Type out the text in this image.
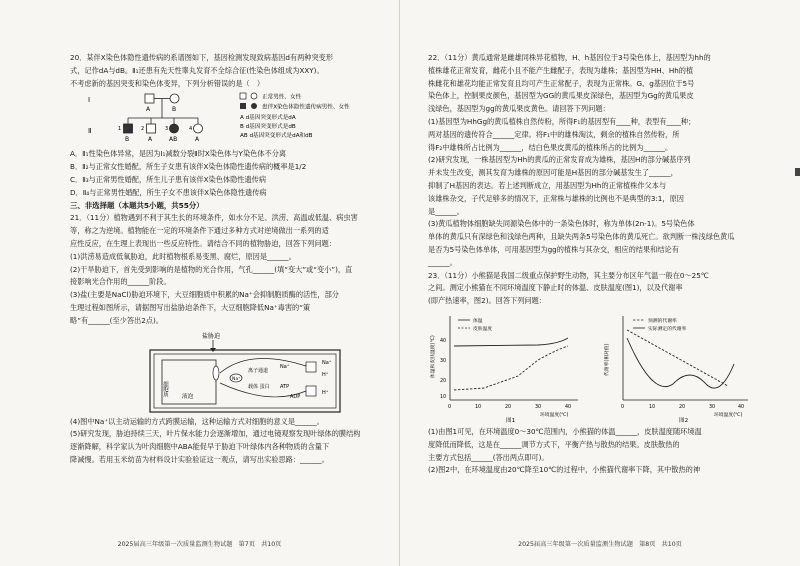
20．某伴X染色体隐性遗传病的系谱图如下，基因检测发现致病基因d有两种突变形

式，记作dA与dB。Ⅱ₁还患有先天性睾丸发育不全综合征(性染色体组成为XXY)。

不考虑新的基因突变和染色体变异，下列分析错误的是（　）

Ⅰ
Ⅱ
A	B
B	A	AB	A
1	2	3	4
正常男性、女性
患伴X染色体隐性遗传病男性、女性
A d基因突变形式是dA
B d基因突变形式是dB
AB d基因突变形式是dA和dB

A．Ⅱ₁性染色体异常，是因为Ⅰ₁减数分裂Ⅱ时X染色体与Y染色体不分离

B．Ⅱ₂与正常女性婚配，所生子女患有该伴X染色体隐性遗传病的概率是1/2

C．Ⅱ₃与正常男性婚配，所生儿子患有该伴X染色体隐性遗传病

D．Ⅱ₄与正常男性婚配，所生子女不患该伴X染色体隐性遗传病

三、非选择题（本题共5小题，共55分）

21．（11分）植物遇到不利于其生长的环境条件，如水分不足、洪涝、高温或低温、病虫害

等，称之为逆境。植物能在一定的环境条件下通过多种方式对逆境做出一系列的适

应性反应，在生理上表现出一些反应特性。请结合不同的植物胁迫，回答下列问题：

(1)洪涝易造成低氧胁迫，此时植物根系易变黑、腐烂，原因是______。

(2)干旱胁迫下，首先受到影响的是植物的光合作用，气孔______(填“变大”或“变小”)，直

接影响光合作用的______阶段。

(3)盐(主要是NaCl)胁迫环境下，大豆细胞质中积累的Na⁺会抑制胞质酶的活性，部分

生理过程如图所示，请据图写出盐胁迫条件下，大豆细胞降低Na⁺毒害的“策

略”有______(至少答出2点)。

盐胁迫
细胞质	液泡
Na⁺
离子通道
载体 蛋白
Na⁺
ATP
ADP
Na⁺
H⁺
H⁺

(4)图中Na⁺以主动运输的方式跨膜运输，这种运输方式对细胞的意义是______。

(5)研究发现，胁迫持续三天，叶片保水能力会逐渐增加，通过电镜观察发现叶绿体的膜结构

逐渐降解，科学家认为叶肉细胞中ABA能促早于胁迫下叶绿体内各种物质的含量下

降减慢。若用玉米幼苗为材料设计实验验证这一观点，请写出实验思路：______。

2025届高三年级第一次质量监测生物试题　第7页　共10页

22．（11分）黄瓜通常是雌雄同株异花植物，H、h基因位于3号染色体上，基因型为hh的

植株雄花正常发育，雌花小且不能产生雌配子，表现为雄株；基因型为HH、Hh的植

株雌花和雄花均能正常发育且均可产生正常配子，表现为正常株。G、g基因位于5号

染色体上，控制果皮颜色，基因型为GG的黄瓜果皮深绿色，基因型为Gg的黄瓜果皮

浅绿色，基因型为gg的黄瓜果皮黄色。请回答下列问题：

(1)基因型为HhGg的黄瓜植株自然传粉，所得F₁的基因型有____种，表型有____种；

两对基因的遗传符合______定律。将F₁中的雄株淘汰，剩余的植株自然传粉，所

得F₂中雄株所占比例为______，结白色果皮黄瓜的植株所占的比例为______。

(2)研究发现，一株基因型为Hh的黄瓜的正常发育成为雄株，基因H的部分碱基序列

并未发生改变，测其发育为雄株的原因可能是H基因的部分碱基发生了______，

抑制了H基因的表达。若上述判断成立，用基因型为Hh的正常植株作父本与

该雄株杂交，子代足够多的情况下，正常株与雄株的比例也不是典型的3:1，原因

是______。

(3)黄瓜植物体细胞缺失同源染色体中的一条染色体时，称为单体(2n-1)。5号染色体

单体的黄瓜只有深绿色和浅绿色两种，且缺失两条5号染色体的黄瓜死亡。欲判断一株浅绿色黄瓜

是否为5号染色体单体，可用基因型为gg的植株与其杂交，相应的结果和结论有

______。

23．（11分）小熊猫是我国二级重点保护野生动物，其主要分布区年气温一般在0～25℃

之间。测定小熊猫在不同环境温度下静止时的体温、皮肤温度(图1)，以及代谢率

(即产热速率，图2)。回答下列问题：

体温和皮肤温度(℃) 40
30
20
10
0	10	20	30	40
环境温度(℃)
体温
皮肤温度
图1
代谢率(相对值)
0	10	20	30	40
环境温度(℃)
预测的代谢率
实际测定的代谢率
图2

(1)由图1可见，在环境温度0～30℃范围内，小熊猫的体温______，皮肤温度随环境温

度降低而降低，这是在______调节方式下，平衡产热与散热的结果。皮肤散热的

主要方式包括______(答出两点即可)。

(2)图2中，在环境温度由20℃降至10℃的过程中，小熊猫代谢率下降，其中散热的神

2025届高三年级第一次质量监测生物试题　第8页　共10页
